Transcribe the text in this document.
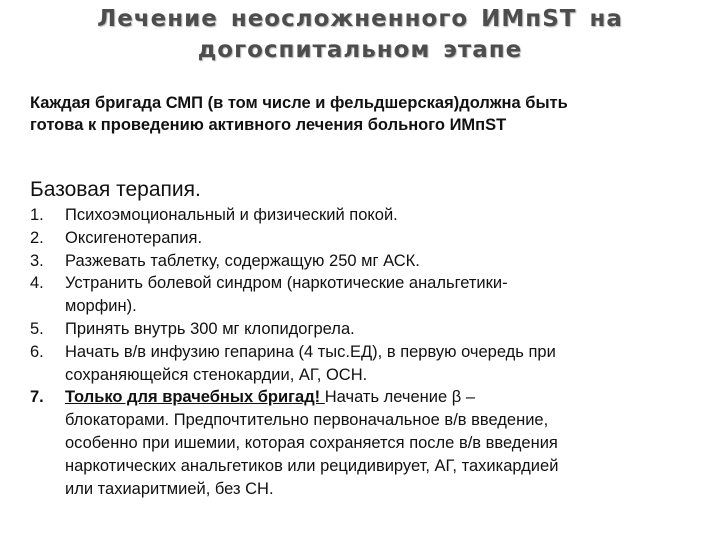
Лечение неосложненного ИМпST на
догоспитальном этапе
Каждая бригада СМП (в том числе и фельдшерская)должна быть
готова к проведению активного лечения больного ИМпST
Базовая терапия.
1. Психоэмоциональный и физический покой.
2. Оксигенотерапия.
3. Разжевать таблетку, содержащую 250 мг АСК.
4. Устранить болевой синдром (наркотические анальгетики-
морфин).
5. Принять внутрь 300 мг клопидогрела.
6. Начать в/в инфузию гепарина (4 тыс.ЕД), в первую очередь при
сохраняющейся стенокардии, АГ, ОСН.
7. Только для врачебных бригад! Начать лечение β –
блокаторами. Предпочтительно первоначальное в/в введение,
особенно при ишемии, которая сохраняется после в/в введения
наркотических анальгетиков или рецидивирует, АГ, тахикардией
или тахиаритмией, без СН.
